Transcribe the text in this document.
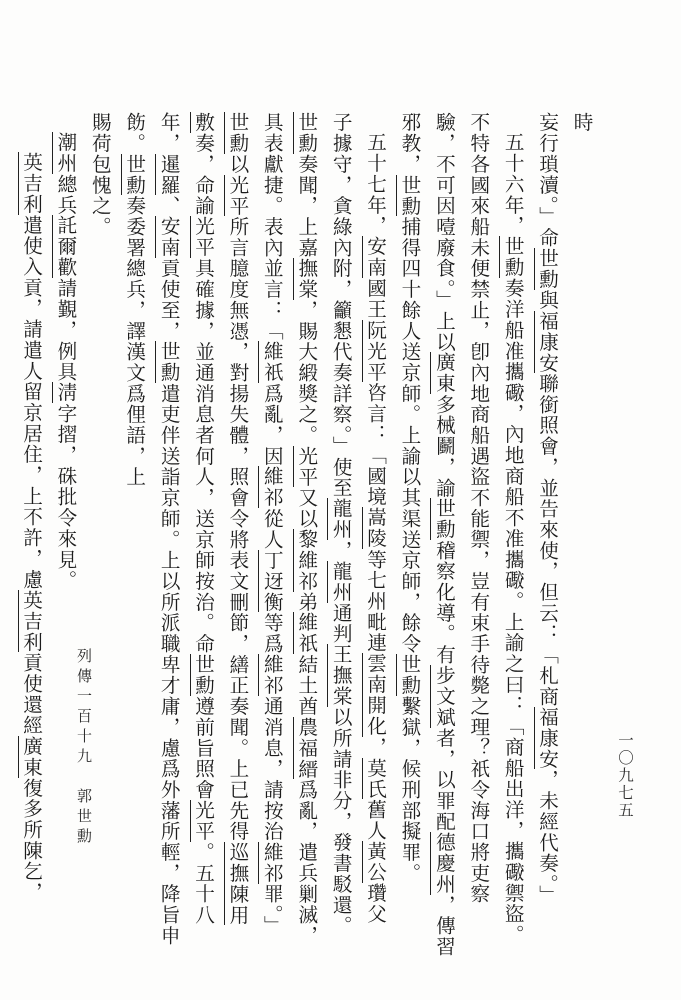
時
妄行瑣瀆。」命世勳與福康安聯銜照會，並告來使，但云：「札商福康安，未經代奏。」
五十六年，世勳奏洋船准攜礮，內地商船不准攜礮。上諭之曰：「商船出洋，攜礮禦盜。
不特各國來船未便禁止，卽內地商船遇盜不能禦，豈有束手待斃之理？祇令海口將吏察
驗，不可因噎廢食。」上以廣東多械鬬，諭世勳稽察化導。有步文斌者，以罪配德慶州，傳習
邪教，世勳捕得四十餘人送京師。上諭以其渠送京師，餘令世勳繫獄，候刑部擬罪。
五十七年，安南國王阮光平咨言：「國境嵩陵等七州毗連雲南開化，莫氏舊人黃公瓚父
子據守，貪綠內附，籲懇代奏詳察。」使至龍州，龍州通判王撫棠以所請非分，發書駁還。
世勳奏聞，上嘉撫棠，賜大緞獎之。光平又以黎維祁弟維祇結土酋農福縉爲亂，遣兵剿滅，
具表獻捷。表內並言：「維祇爲亂，因維祁從人丁迓衡等爲維祁通消息，請按治維祁罪。」
世勳以光平所言臆度無憑，對揚失體，照會令將表文刪節，繕正奏聞。上已先得巡撫陳用
敷奏，命諭光平具確據，並通消息者何人，送京師按治。命世勳遵前旨照會光平。五十八
年，暹羅、安南貢使至，世勳遣吏伴送詣京師。上以所派職卑才庸，慮爲外藩所輕，降旨申
飭。世勳奏委署總兵，譯漢文爲俚語，上
賜荷包愧之。
潮州總兵託爾歡請覲，例具淸字摺，硃批令來見。
英吉利遣使入貢，請遣人留京居住，上不許，慮英吉利貢使還經廣東復多所陳乞，	列傳一百十九　郭世勳	一〇九七五
